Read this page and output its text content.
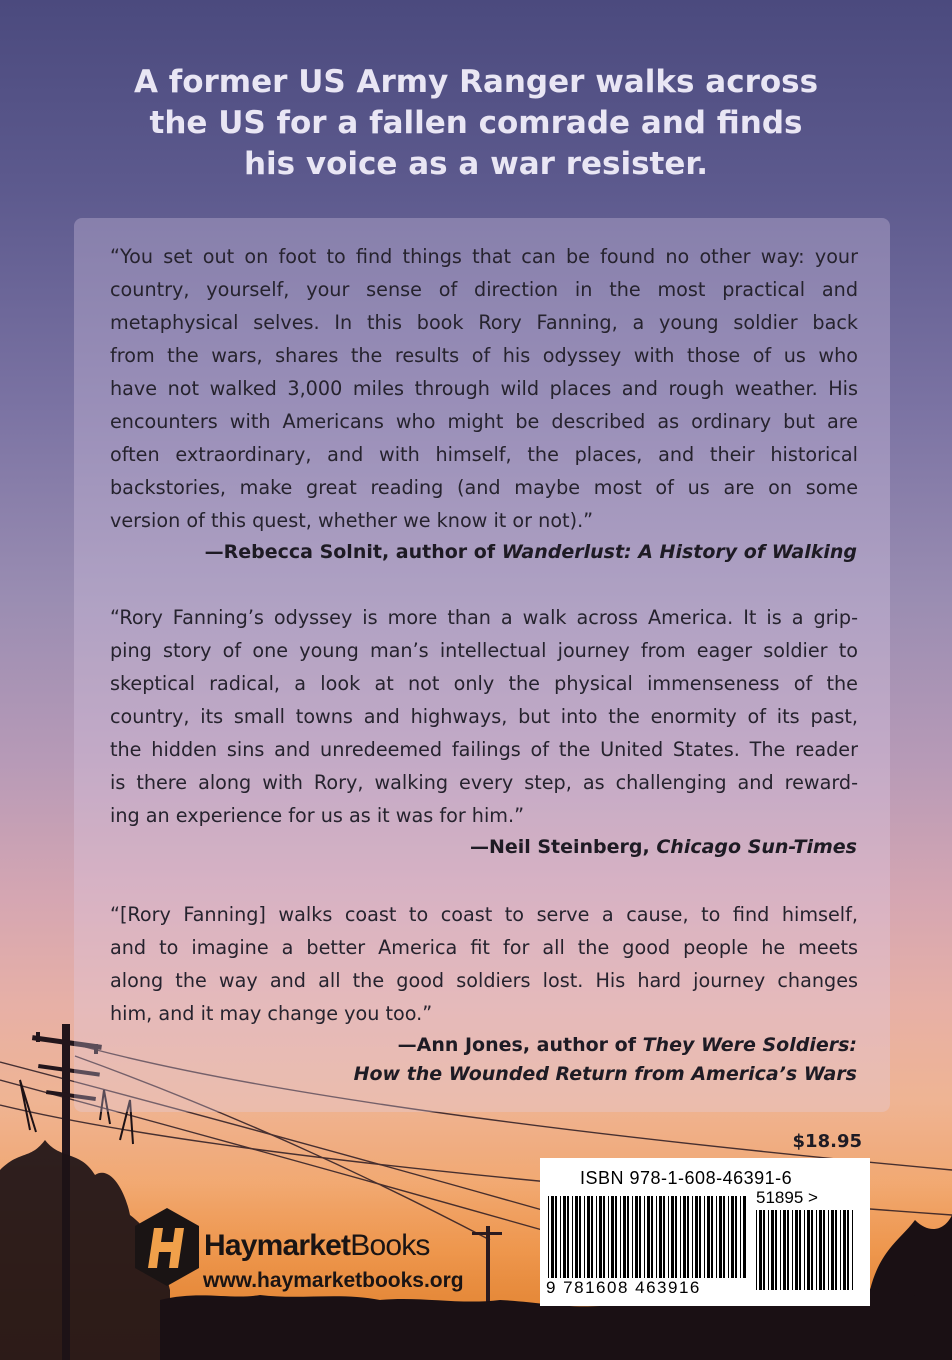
A former US Army Ranger walks across
the US for a fallen comrade and finds
his voice as a war resister.

“You set out on foot to find things that can be found no other way: your
country, yourself, your sense of direction in the most practical and
metaphysical selves. In this book Rory Fanning, a young soldier back
from the wars, shares the results of his odyssey with those of us who
have not walked 3,000 miles through wild places and rough weather. His
encounters with Americans who might be described as ordinary but are
often extraordinary, and with himself, the places, and their historical
backstories, make great reading (and maybe most of us are on some
version of this quest, whether we know it or not).”

—Rebecca Solnit, author of Wanderlust: A History of Walking

“Rory Fanning’s odyssey is more than a walk across America. It is a grip-
ping story of one young man’s intellectual journey from eager soldier to
skeptical radical, a look at not only the physical immenseness of the
country, its small towns and highways, but into the enormity of its past,
the hidden sins and unredeemed failings of the United States. The reader
is there along with Rory, walking every step, as challenging and reward-
ing an experience for us as it was for him.”

—Neil Steinberg, Chicago Sun-Times

“[Rory Fanning] walks coast to coast to serve a cause, to find himself,
and to imagine a better America fit for all the good people he meets
along the way and all the good soldiers lost. His hard journey changes
him, and it may change you too.”

—Ann Jones, author of They Were Soldiers:
How the Wounded Return from America’s Wars

$18.95
ISBN 978-1-608-46391-6
51895 >
9 781608 463916
HaymarketBooks
www.haymarketbooks.org
